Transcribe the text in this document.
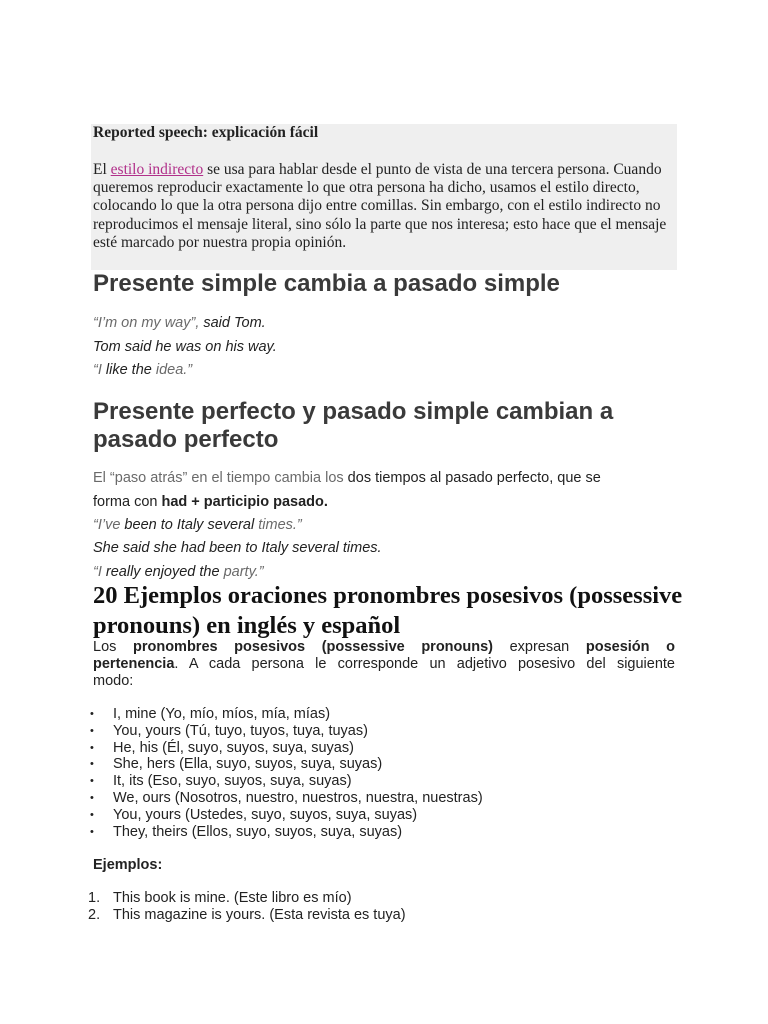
Reported speech: explicación fácil
El estilo indirecto se usa para hablar desde el punto de vista de una tercera persona. Cuando queremos reproducir exactamente lo que otra persona ha dicho, usamos el estilo directo, colocando lo que la otra persona dijo entre comillas. Sin embargo, con el estilo indirecto no reproducimos el mensaje literal, sino sólo la parte que nos interesa; esto hace que el mensaje esté marcado por nuestra propia opinión.
Presente simple cambia a pasado simple
“I’m on my way”, said Tom.
Tom said he was on his way.
“I like the idea.”
Presente perfecto y pasado simple cambian a pasado perfecto
El “paso atrás” en el tiempo cambia los dos tiempos al pasado perfecto, que se
forma con had + participio pasado.
“I’ve been to Italy several times.”
She said she had been to Italy several times.
“I really enjoyed the party.”
20 Ejemplos oraciones pronombres posesivos (possessive pronouns) en inglés y español
Los pronombres posesivos (possessive pronouns) expresan posesión o
pertenencia. A cada persona le corresponde un adjetivo posesivo del siguiente
modo:
• I, mine (Yo, mío, míos, mía, mías)
• You, yours (Tú, tuyo, tuyos, tuya, tuyas)
• He, his (Él, suyo, suyos, suya, suyas)
• She, hers (Ella, suyo, suyos, suya, suyas)
• It, its (Eso, suyo, suyos, suya, suyas)
• We, ours (Nosotros, nuestro, nuestros, nuestra, nuestras)
• You, yours (Ustedes, suyo, suyos, suya, suyas)
• They, theirs (Ellos, suyo, suyos, suya, suyas)
Ejemplos:
1. This book is mine. (Este libro es mío)
2. This magazine is yours. (Esta revista es tuya)
